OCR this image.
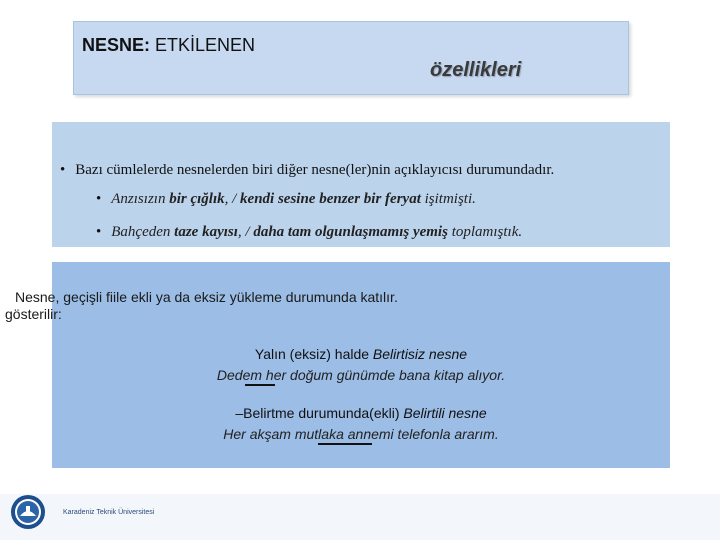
NESNE: ETKİLENEN
özellikleri
• Bazı cümlelerde nesnelerden biri diğer nesne(ler)nin açıklayıcısı durumundadır.
• Anzısızın bir çığlık, / kendi sesine benzer bir feryat işitmişti.
• Bahçeden taze kayısı, / daha tam olgunlaşmamış yemiş toplamıştık.
Nesne, geçişli fiile ekli ya da eksiz yükleme durumunda katılır.
gösterilir:
Yalın (eksiz) halde Belirtisiz nesne
Dedem her doğum günümde bana kitap alıyor.
–Belirtme durumunda(ekli) Belirtili nesne
Her akşam mutlaka annemi telefonla ararım.
Karadeniz Teknik Üniversitesi
